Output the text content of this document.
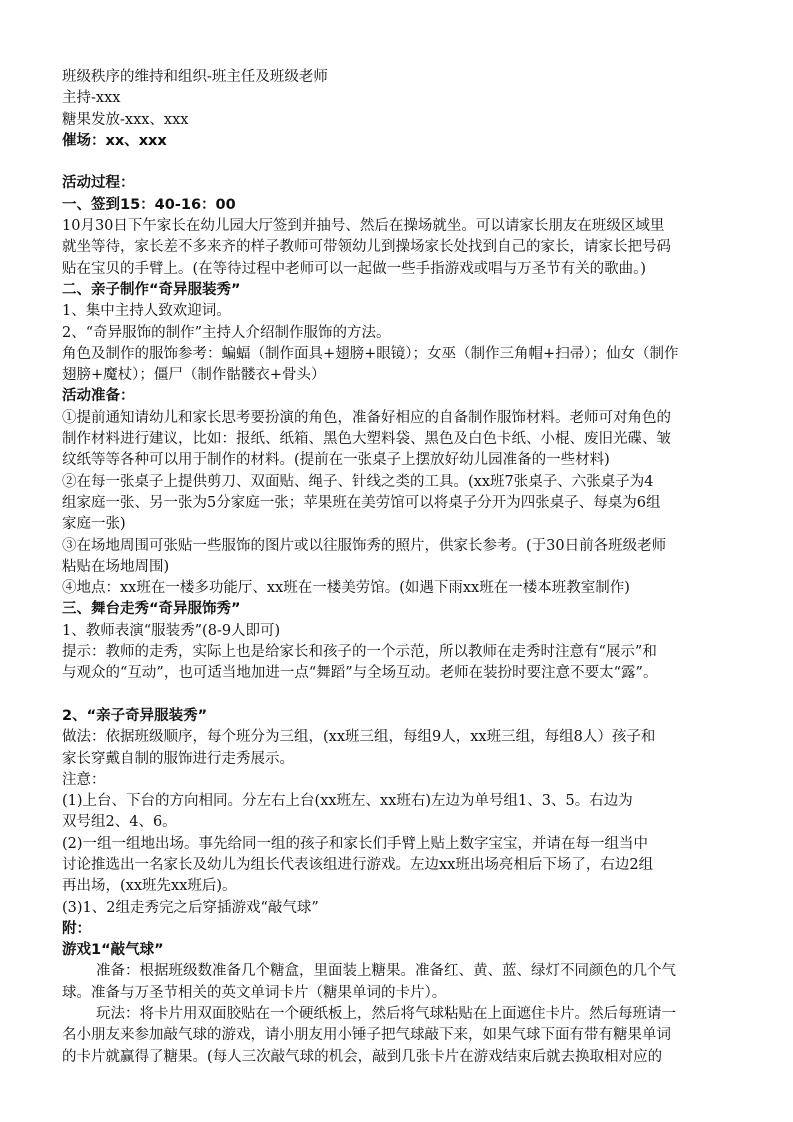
班级秩序的维持和组织-班主任及班级老师
主持-xxx
糖果发放-xxx、xxx
催场：xx、xxx
活动过程：
一、签到15：40-16：00
10月30日下午家长在幼儿园大厅签到并抽号、然后在操场就坐。可以请家长朋友在班级区域里
就坐等待，家长差不多来齐的样子教师可带领幼儿到操场家长处找到自己的家长，请家长把号码
贴在宝贝的手臂上。(在等待过程中老师可以一起做一些手指游戏或唱与万圣节有关的歌曲。)
二、亲子制作“奇异服装秀”
1、集中主持人致欢迎词。
2、“奇异服饰的制作”主持人介绍制作服饰的方法。
角色及制作的服饰参考：蝙蝠（制作面具+翅膀+眼镜）；女巫（制作三角帽+扫帚）；仙女（制作
翅膀+魔杖）；僵尸（制作骷髅衣+骨头）
活动准备：
①提前通知请幼儿和家长思考要扮演的角色，准备好相应的自备制作服饰材料。老师可对角色的
制作材料进行建议，比如：报纸、纸箱、黑色大塑料袋、黑色及白色卡纸、小棍、废旧光碟、皱
纹纸等等各种可以用于制作的材料。(提前在一张桌子上摆放好幼儿园准备的一些材料)
②在每一张桌子上提供剪刀、双面贴、绳子、针线之类的工具。(xx班7张桌子、六张桌子为4
组家庭一张、另一张为5分家庭一张；苹果班在美劳馆可以将桌子分开为四张桌子、每桌为6组
家庭一张)
③在场地周围可张贴一些服饰的图片或以往服饰秀的照片，供家长参考。(于30日前各班级老师
粘贴在场地周围)
④地点：xx班在一楼多功能厅、xx班在一楼美劳馆。(如遇下雨xx班在一楼本班教室制作)
三、舞台走秀“奇异服饰秀”
1、教师表演“服装秀”(8-9人即可)
提示：教师的走秀，实际上也是给家长和孩子的一个示范，所以教师在走秀时注意有“展示”和
与观众的“互动”，也可适当地加进一点“舞蹈”与全场互动。老师在装扮时要注意不要太“露”。
2、“亲子奇异服装秀”
做法：依据班级顺序，每个班分为三组，(xx班三组，每组9人，xx班三组，每组8人）孩子和
家长穿戴自制的服饰进行走秀展示。
注意：
(1)上台、下台的方向相同。分左右上台(xx班左、xx班右)左边为单号组1、3、5。右边为
双号组2、4、6。
(2)一组一组地出场。事先给同一组的孩子和家长们手臂上贴上数字宝宝，并请在每一组当中
讨论推选出一名家长及幼儿为组长代表该组进行游戏。左边xx班出场亮相后下场了，右边2组
再出场，(xx班先xx班后)。
(3)1、2组走秀完之后穿插游戏“敲气球”
附：
游戏1“敲气球”
准备：根据班级数准备几个糖盒，里面装上糖果。准备红、黄、蓝、绿灯不同颜色的几个气
球。准备与万圣节相关的英文单词卡片（糖果单词的卡片）。
玩法：将卡片用双面胶贴在一个硬纸板上，然后将气球粘贴在上面遮住卡片。然后每班请一
名小朋友来参加敲气球的游戏，请小朋友用小锤子把气球敲下来，如果气球下面有带有糖果单词
的卡片就赢得了糖果。(每人三次敲气球的机会，敲到几张卡片在游戏结束后就去换取相对应的
